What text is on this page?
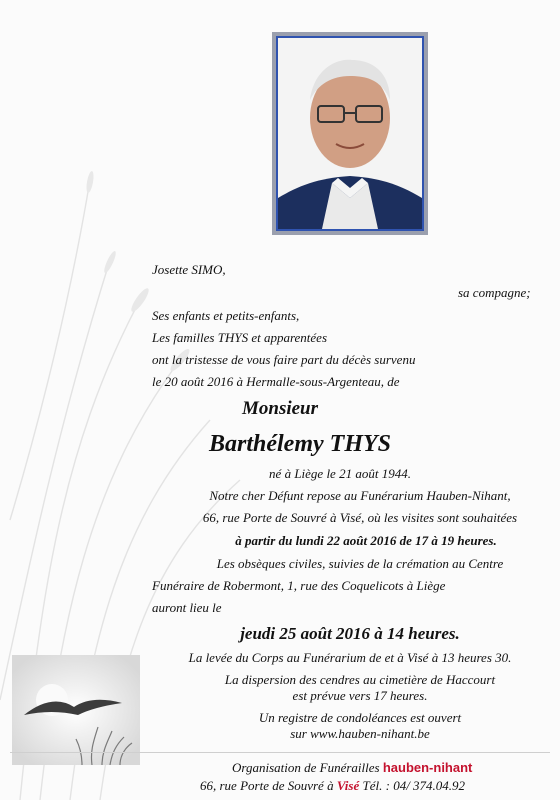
Josette SIMO,
sa compagne;
Ses enfants et petits-enfants,
Les familles THYS et apparentées
ont la tristesse de vous faire part du décès survenu
le 20 août 2016 à Hermalle-sous-Argenteau, de
Monsieur
Barthélemy THYS
né à Liège le 21 août 1944.
Notre cher Défunt repose au Funérarium Hauben-Nihant,
66, rue Porte de Souvré à Visé, où les visites sont souhaitées
à partir du lundi 22 août 2016 de 17 à 19 heures.
Les obsèques civiles, suivies de la crémation au Centre
Funéraire de Robermont, 1, rue des Coquelicots à Liège
auront lieu le
jeudi 25 août 2016 à 14 heures.
La levée du Corps au Funérarium de et à Visé à 13 heures 30.
La dispersion des cendres au cimetière de Haccourt
est prévue vers 17 heures.
Un registre de condoléances est ouvert
sur www.hauben-nihant.be
Organisation de Funérailles hauben-nihant
66, rue Porte de Souvré à Visé Tél. : 04/ 374.04.92
